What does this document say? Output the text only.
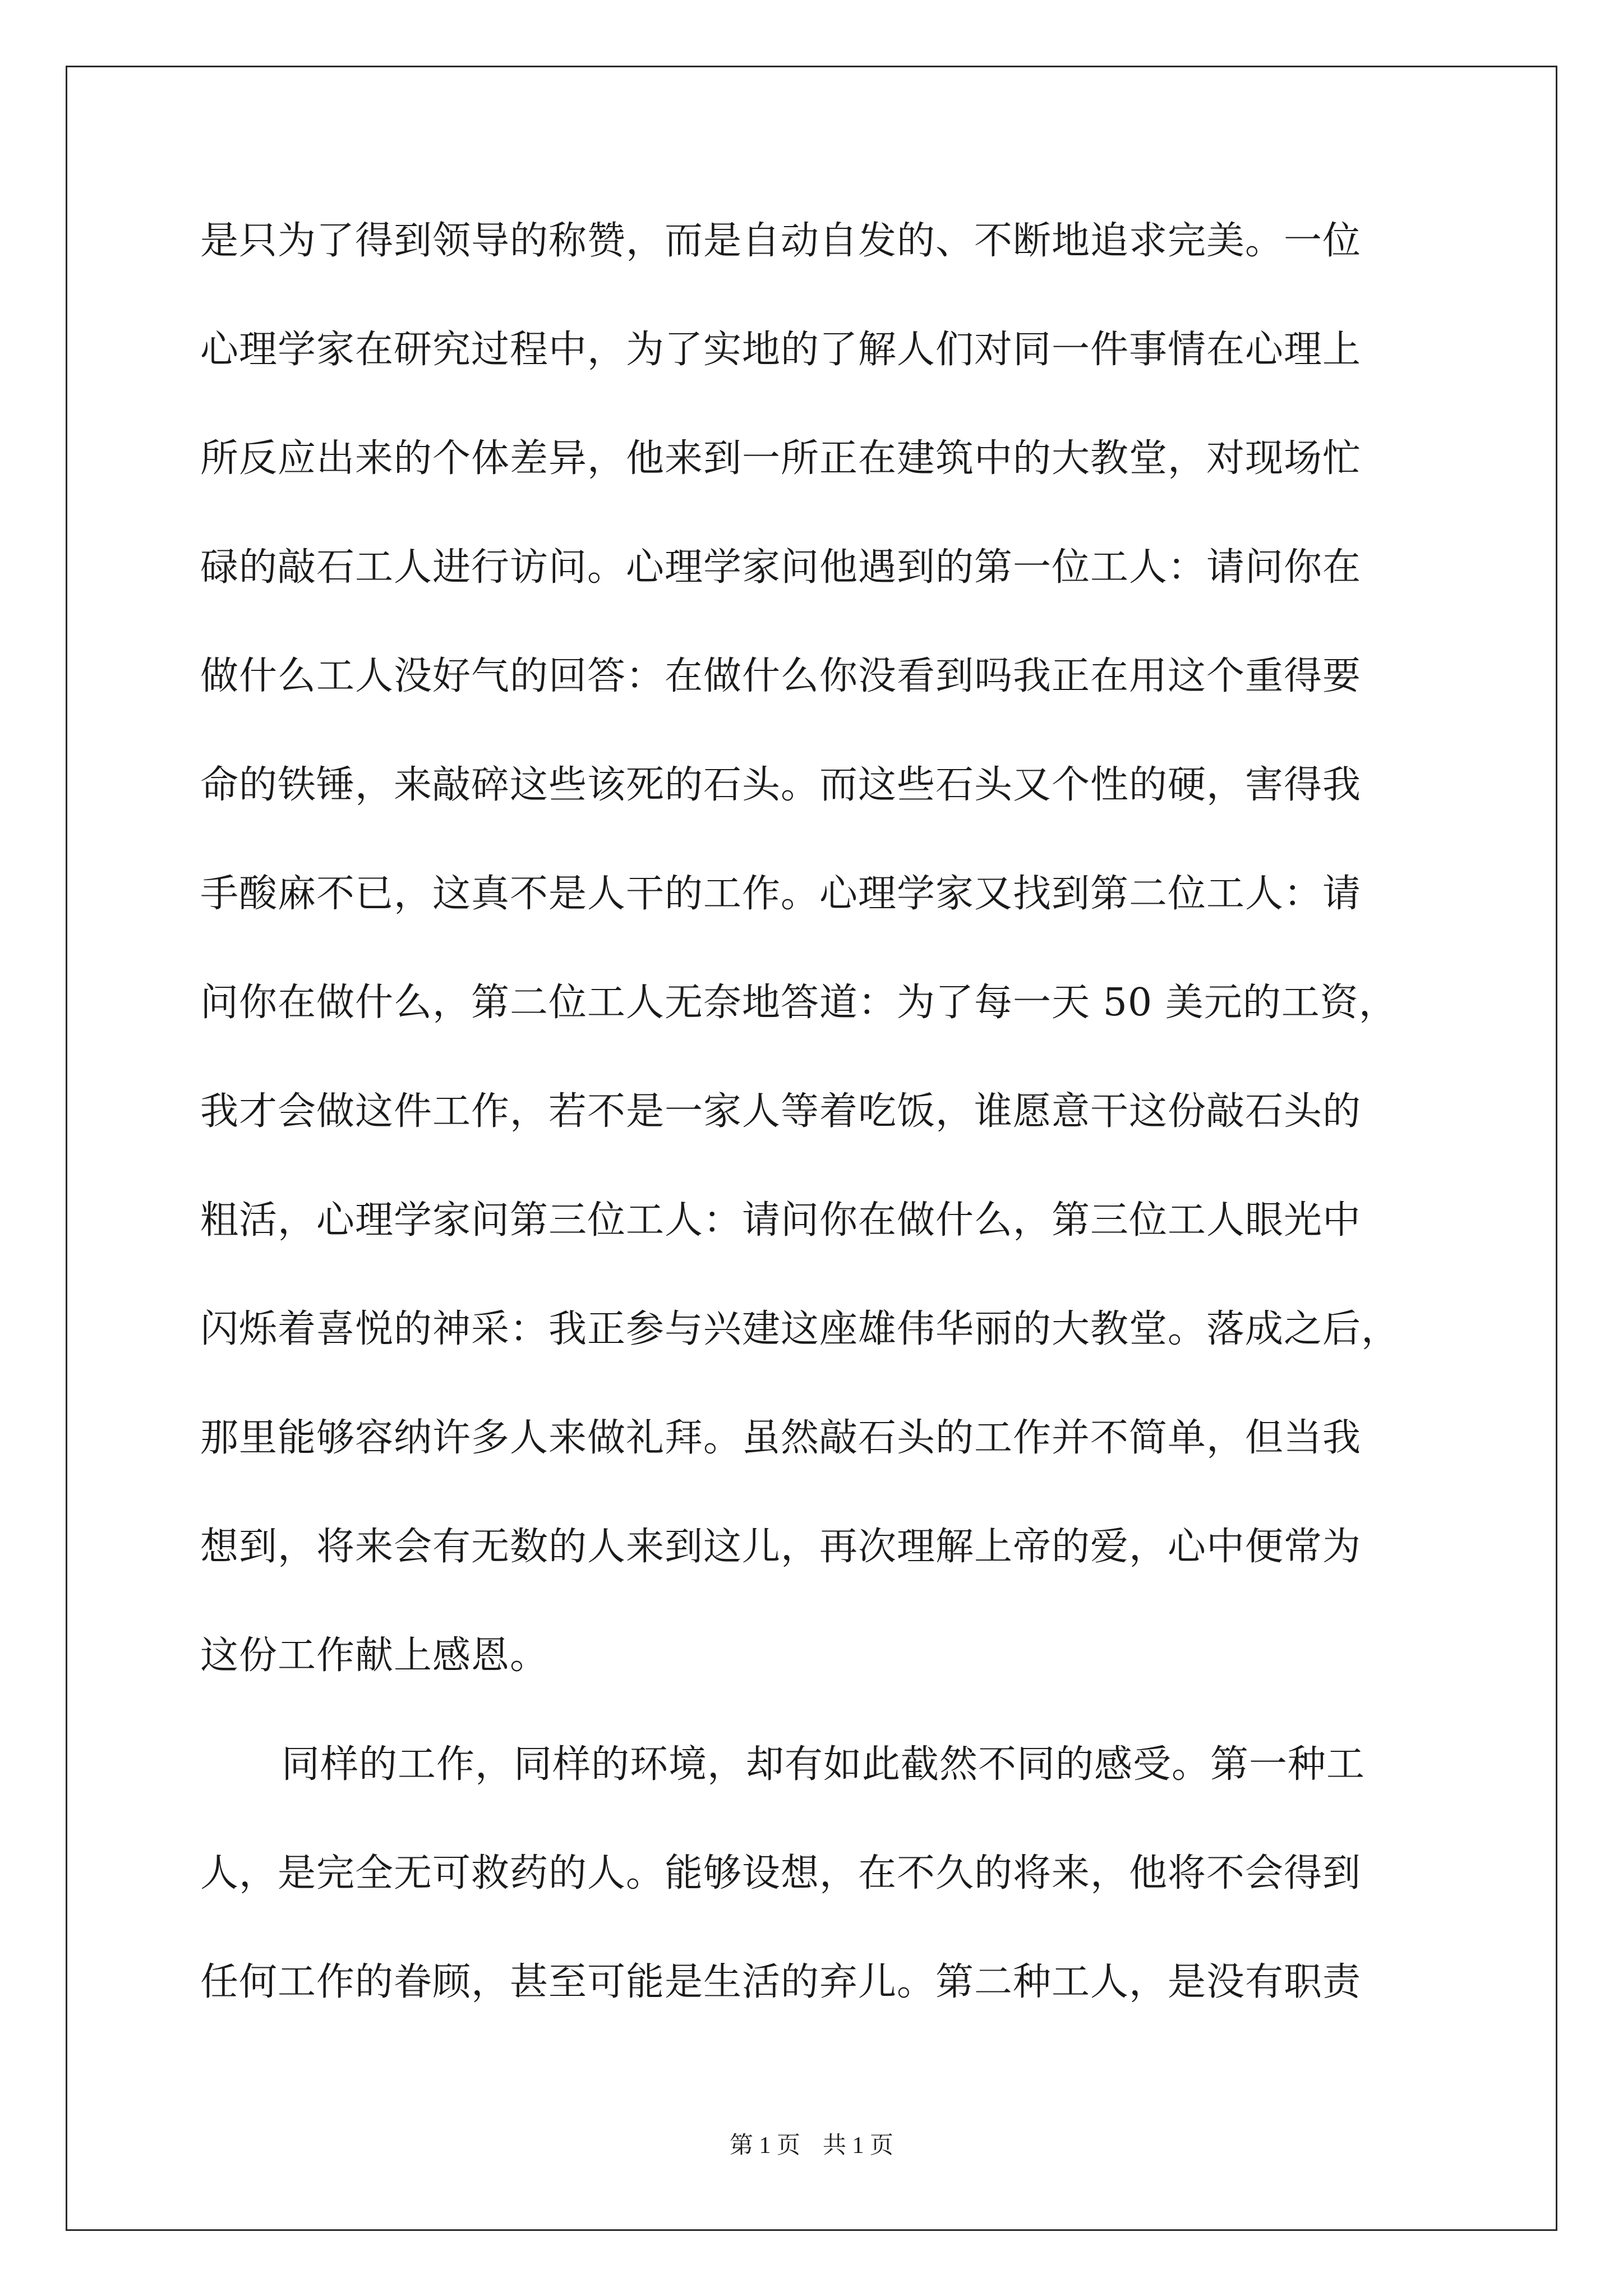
是只为了得到领导的称赞，而是自动自发的、不断地追求完美。一位
心理学家在研究过程中，为了实地的了解人们对同一件事情在心理上
所反应出来的个体差异，他来到一所正在建筑中的大教堂，对现场忙
碌的敲石工人进行访问。心理学家问他遇到的第一位工人：请问你在
做什么工人没好气的回答：在做什么你没看到吗我正在用这个重得要
命的铁锤，来敲碎这些该死的石头。而这些石头又个性的硬，害得我
手酸麻不已，这真不是人干的工作。心理学家又找到第二位工人：请
问你在做什么，第二位工人无奈地答道：为了每一天 50 美元的工资，
我才会做这件工作，若不是一家人等着吃饭，谁愿意干这份敲石头的
粗活，心理学家问第三位工人：请问你在做什么，第三位工人眼光中
闪烁着喜悦的神采：我正参与兴建这座雄伟华丽的大教堂。落成之后，
那里能够容纳许多人来做礼拜。虽然敲石头的工作并不简单，但当我
想到，将来会有无数的人来到这儿，再次理解上帝的爱，心中便常为
这份工作献上感恩。
同样的工作，同样的环境，却有如此截然不同的感受。第一种工
人，是完全无可救药的人。能够设想，在不久的将来，他将不会得到
任何工作的眷顾，甚至可能是生活的弃儿。第二种工人，是没有职责
第 1 页 共 1 页
